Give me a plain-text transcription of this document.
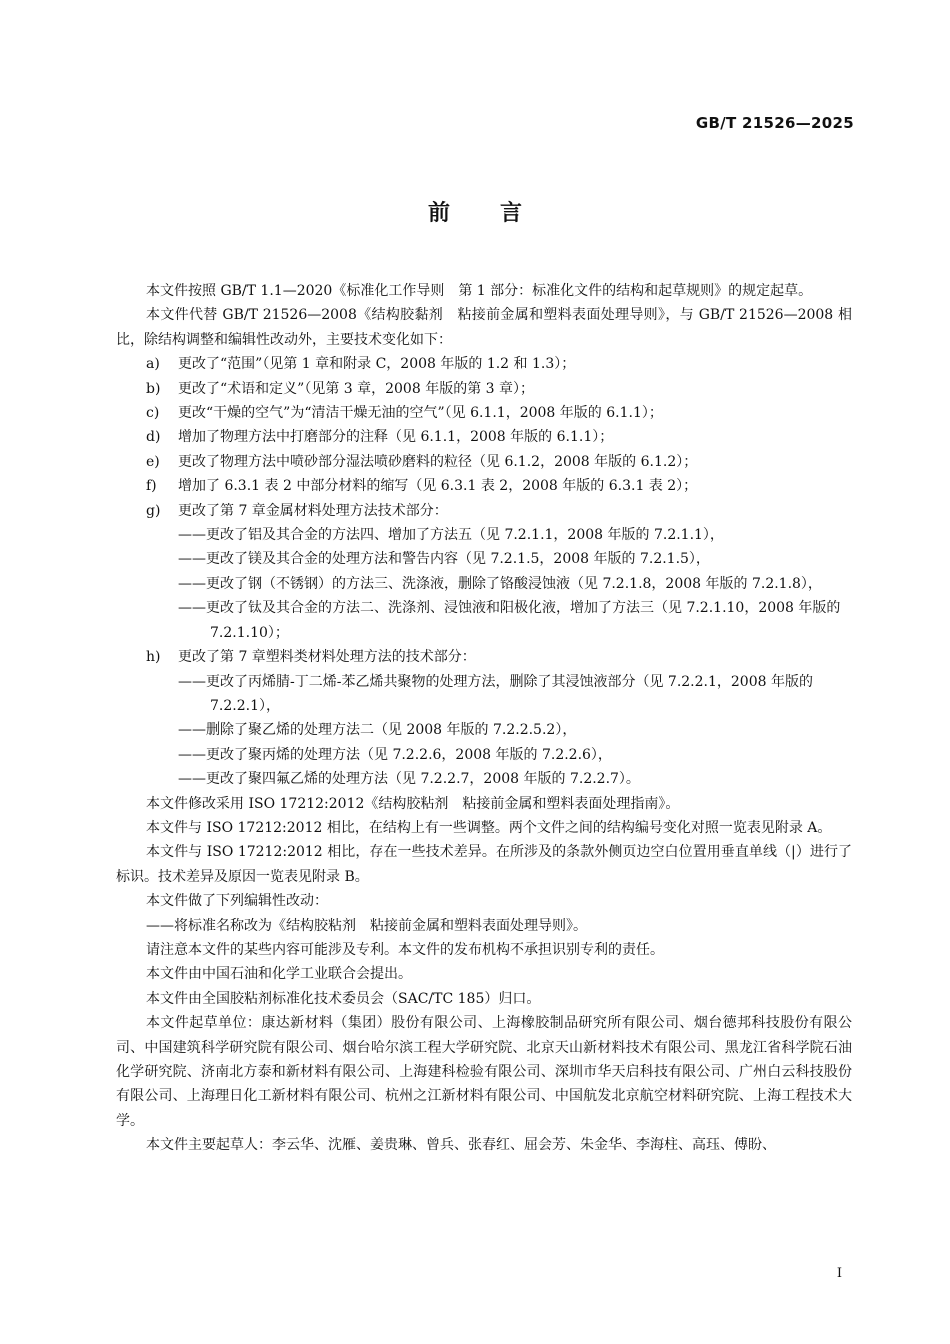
GB/T 21526—2025
前言

本文件按照 GB/T 1.1—2020《标准化工作导则　第 1 部分：标准化文件的结构和起草规则》的规定起草。

本文件代替 GB/T 21526—2008《结构胶黏剂　粘接前金属和塑料表面处理导则》，与 GB/T 21526—2008 相比，除结构调整和编辑性改动外，主要技术变化如下：

a) 更改了“范围”（见第 1 章和附录 C，2008 年版的 1.2 和 1.3）；

b) 更改了“术语和定义”（见第 3 章，2008 年版的第 3 章）；

c) 更改“干燥的空气”为“清洁干燥无油的空气”（见 6.1.1，2008 年版的 6.1.1）；

d) 增加了物理方法中打磨部分的注释（见 6.1.1，2008 年版的 6.1.1）；

e) 更改了物理方法中喷砂部分湿法喷砂磨料的粒径（见 6.1.2，2008 年版的 6.1.2）；

f) 增加了 6.3.1 表 2 中部分材料的缩写（见 6.3.1 表 2，2008 年版的 6.3.1 表 2）；

g) 更改了第 7 章金属材料处理方法技术部分：

——更改了铝及其合金的方法四、增加了方法五（见 7.2.1.1，2008 年版的 7.2.1.1），

——更改了镁及其合金的处理方法和警告内容（见 7.2.1.5，2008 年版的 7.2.1.5），

——更改了钢（不锈钢）的方法三、洗涤液，删除了铬酸浸蚀液（见 7.2.1.8，2008 年版的 7.2.1.8），

——更改了钛及其合金的方法二、洗涤剂、浸蚀液和阳极化液，增加了方法三（见 7.2.1.10，2008 年版的 7.2.1.10）；

h) 更改了第 7 章塑料类材料处理方法的技术部分：

——更改了丙烯腈-丁二烯-苯乙烯共聚物的处理方法，删除了其浸蚀液部分（见 7.2.2.1，2008 年版的 7.2.2.1），

——删除了聚乙烯的处理方法二（见 2008 年版的 7.2.2.5.2），

——更改了聚丙烯的处理方法（见 7.2.2.6，2008 年版的 7.2.2.6），

——更改了聚四氟乙烯的处理方法（见 7.2.2.7，2008 年版的 7.2.2.7）。

本文件修改采用 ISO 17212:2012《结构胶粘剂　粘接前金属和塑料表面处理指南》。

本文件与 ISO 17212:2012 相比，在结构上有一些调整。两个文件之间的结构编号变化对照一览表见附录 A。

本文件与 ISO 17212:2012 相比，存在一些技术差异。在所涉及的条款外侧页边空白位置用垂直单线（|）进行了标识。技术差异及原因一览表见附录 B。

本文件做了下列编辑性改动：

——将标准名称改为《结构胶粘剂　粘接前金属和塑料表面处理导则》。

请注意本文件的某些内容可能涉及专利。本文件的发布机构不承担识别专利的责任。

本文件由中国石油和化学工业联合会提出。

本文件由全国胶粘剂标准化技术委员会（SAC/TC 185）归口。

本文件起草单位：康达新材料（集团）股份有限公司、上海橡胶制品研究所有限公司、烟台德邦科技股份有限公司、中国建筑科学研究院有限公司、烟台哈尔滨工程大学研究院、北京天山新材料技术有限公司、黑龙江省科学院石油化学研究院、济南北方泰和新材料有限公司、上海建科检验有限公司、深圳市华天启科技有限公司、广州白云科技股份有限公司、上海理日化工新材料有限公司、杭州之江新材料有限公司、中国航发北京航空材料研究院、上海工程技术大学。

本文件主要起草人：李云华、沈雁、姜贵琳、曾兵、张春红、屈会芳、朱金华、李海柱、高珏、傅盼、

I
